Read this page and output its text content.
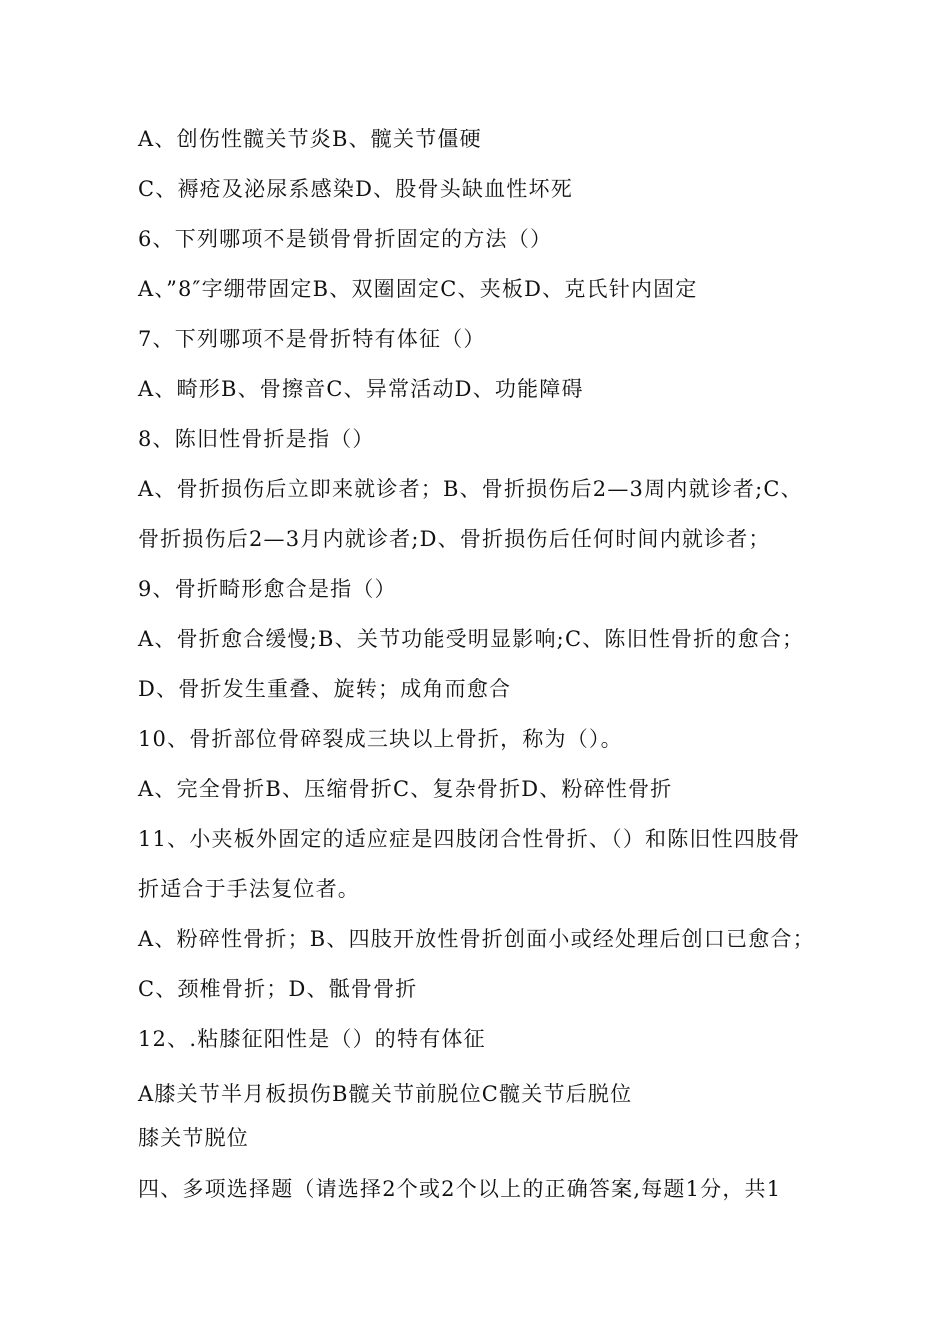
A、创伤性髋关节炎B、髋关节僵硬
C、褥疮及泌尿系感染D、股骨头缺血性坏死
6、下列哪项不是锁骨骨折固定的方法（）
A、”8″字绷带固定B、双圈固定C、夹板D、克氏针内固定
7、下列哪项不是骨折特有体征（）
A、畸形B、骨擦音C、异常活动D、功能障碍
8、陈旧性骨折是指（）
A、骨折损伤后立即来就诊者；B、骨折损伤后2—3周内就诊者;C、
骨折损伤后2—3月内就诊者;D、骨折损伤后任何时间内就诊者；
9、骨折畸形愈合是指（）
A、骨折愈合缓慢;B、关节功能受明显影响;C、陈旧性骨折的愈合；
D、骨折发生重叠、旋转；成角而愈合
10、骨折部位骨碎裂成三块以上骨折，称为（）。
A、完全骨折B、压缩骨折C、复杂骨折D、粉碎性骨折
11、小夹板外固定的适应症是四肢闭合性骨折、（）和陈旧性四肢骨
折适合于手法复位者。
A、粉碎性骨折；B、四肢开放性骨折创面小或经处理后创口已愈合；
C、颈椎骨折；D、骶骨骨折
12、.粘膝征阳性是（）的特有体征
A膝关节半月板损伤B髋关节前脱位C髋关节后脱位
膝关节脱位
四、多项选择题（请选择2个或2个以上的正确答案,每题1分，共1
